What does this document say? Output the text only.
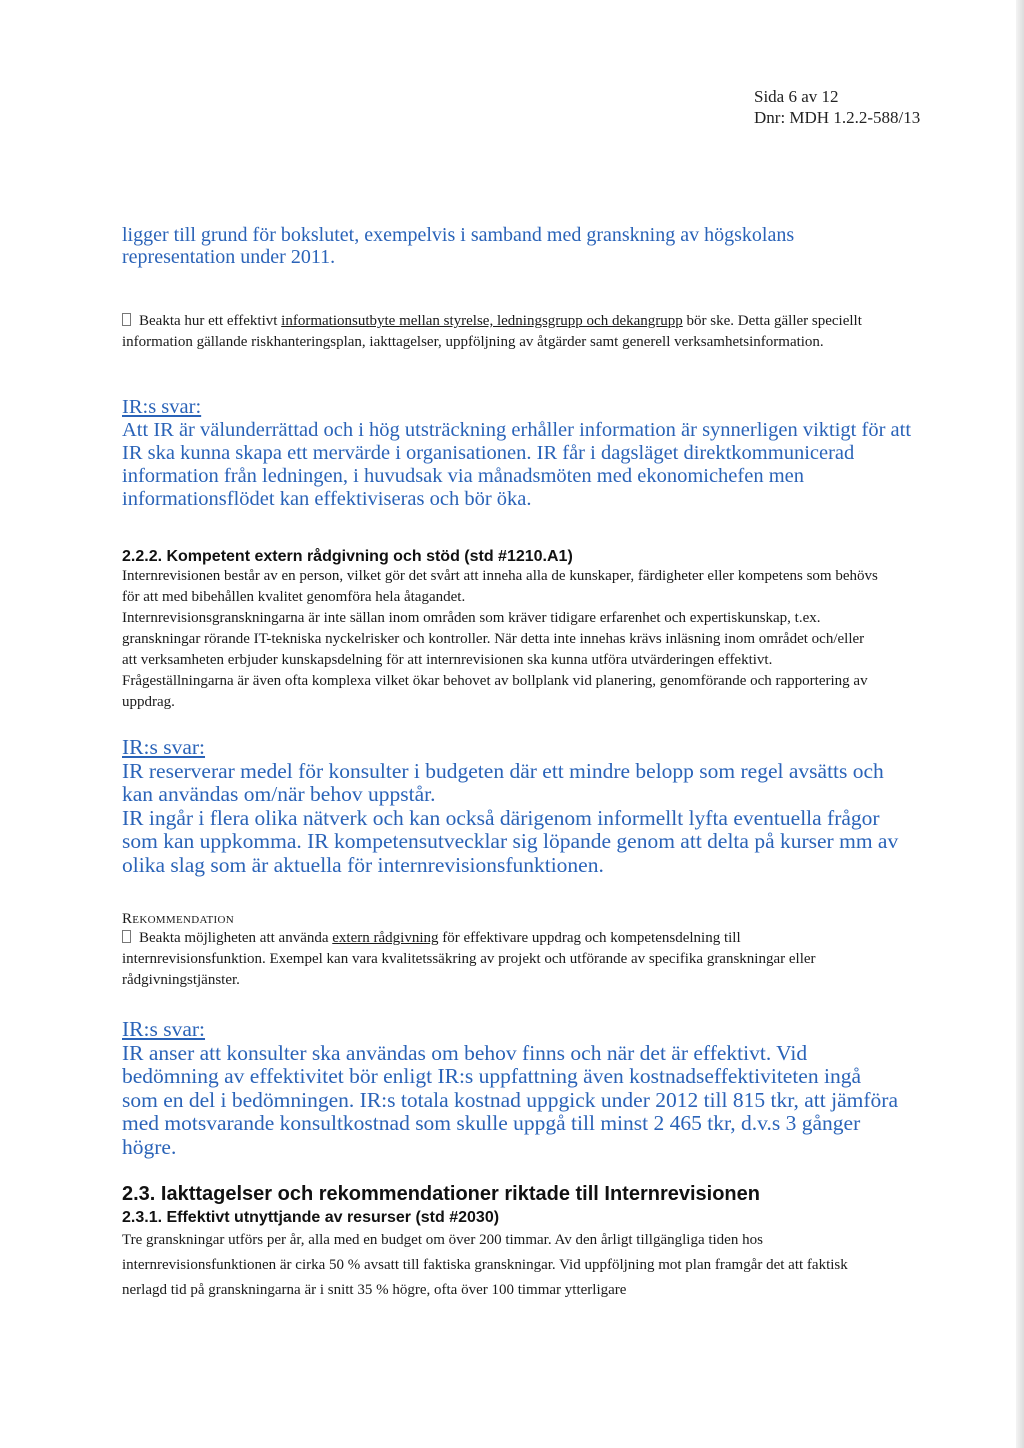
Sida 6 av 12
Dnr: MDH 1.2.2-588/13
ligger till grund för bokslutet, exempelvis i samband med granskning av högskolans representation under 2011.
Beakta hur ett effektivt informationsutbyte mellan styrelse, ledningsgrupp och dekangrupp bör ske. Detta gäller speciellt information gällande riskhanteringsplan, iakttagelser, uppföljning av åtgärder samt generell verksamhetsinformation.
IR:s svar:

Att IR är välunderrättad och i hög utsträckning erhåller information är synnerligen viktigt för att IR ska kunna skapa ett mervärde i organisationen. IR får i dagsläget direktkommunicerad information från ledningen, i huvudsak via månadsmöten med ekonomichefen men informationsflödet kan effektiviseras och bör öka.

2.2.2. Kompetent extern rådgivning och stöd (std #1210.A1)

Internrevisionen består av en person, vilket gör det svårt att inneha alla de kunskaper, färdigheter eller kompetens som behövs för att med bibehållen kvalitet genomföra hela åtagandet.

Internrevisionsgranskningarna är inte sällan inom områden som kräver tidigare erfarenhet och expertiskunskap, t.ex. granskningar rörande IT-tekniska nyckelrisker och kontroller. När detta inte innehas krävs inläsning inom området och/eller att verksamheten erbjuder kunskapsdelning för att internrevisionen ska kunna utföra utvärderingen effektivt. Frågeställningarna är även ofta komplexa vilket ökar behovet av bollplank vid planering, genomförande och rapportering av uppdrag.

IR:s svar:

IR reserverar medel för konsulter i budgeten där ett mindre belopp som regel avsätts och kan användas om/när behov uppstår.

IR ingår i flera olika nätverk och kan också därigenom informellt lyfta eventuella frågor som kan uppkomma. IR kompetensutvecklar sig löpande genom att delta på kurser mm av olika slag som är aktuella för internrevisionsfunktionen.

Rekommendation
Beakta möjligheten att använda extern rådgivning för effektivare uppdrag och kompetensdelning till internrevisionsfunktion. Exempel kan vara kvalitetssäkring av projekt och utförande av specifika granskningar eller rådgivningstjänster.
IR:s svar:

IR anser att konsulter ska användas om behov finns och när det är effektivt. Vid bedömning av effektivitet bör enligt IR:s uppfattning även kostnadseffektiviteten ingå som en del i bedömningen. IR:s totala kostnad uppgick under 2012 till 815 tkr, att jämföra med motsvarande konsultkostnad som skulle uppgå till minst 2 465 tkr, d.v.s 3 gånger högre.

2.3. Iakttagelser och rekommendationer riktade till Internrevisionen
2.3.1. Effektivt utnyttjande av resurser (std #2030)
Tre granskningar utförs per år, alla med en budget om över 200 timmar. Av den årligt tillgängliga tiden hos internrevisionsfunktionen är cirka 50 % avsatt till faktiska granskningar. Vid uppföljning mot plan framgår det att faktisk nerlagd tid på granskningarna är i snitt 35 % högre, ofta över 100 timmar ytterligare
